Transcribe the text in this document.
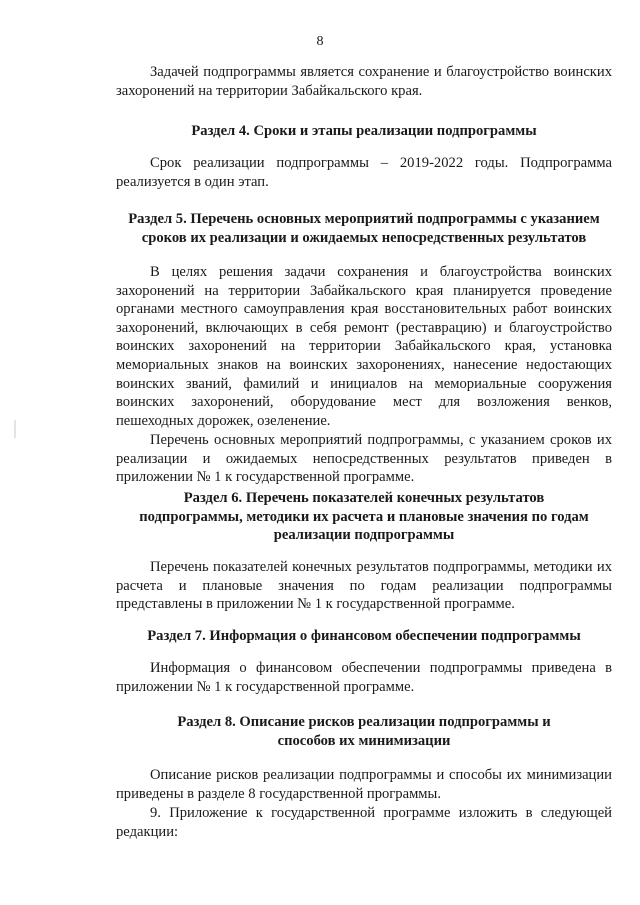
8

Задачей подпрограммы является сохранение и благоустройство воинских захоронений на территории Забайкальского края.

Раздел 4. Сроки и этапы реализации подпрограммы

Срок реализации подпрограммы – 2019-2022 годы. Подпрограмма реализуется в один этап.

Раздел 5. Перечень основных мероприятий подпрограммы с указанием
сроков их реализации и ожидаемых непосредственных результатов

В целях решения задачи сохранения и благоустройства воинских захоронений на территории Забайкальского края планируется проведение органами местного самоуправления края восстановительных работ воинских захоронений, включающих в себя ремонт (реставрацию) и благоустройство воинских захоронений на территории Забайкальского края, установка мемориальных знаков на воинских захоронениях, нанесение недостающих воинских званий, фамилий и инициалов на мемориальные сооружения воинских захоронений, оборудование мест для возложения венков, пешеходных дорожек, озеленение.

Перечень основных мероприятий подпрограммы, с указанием сроков их реализации и ожидаемых непосредственных результатов приведен в приложении № 1 к государственной программе.

Раздел 6. Перечень показателей конечных результатов
подпрограммы, методики их расчета и плановые значения по годам
реализации подпрограммы

Перечень показателей конечных результатов подпрограммы, методики их расчета и плановые значения по годам реализации подпрограммы представлены в приложении № 1 к государственной программе.

Раздел 7. Информация о финансовом обеспечении подпрограммы

Информация о финансовом обеспечении подпрограммы приведена в приложении № 1 к государственной программе.

Раздел 8. Описание рисков реализации подпрограммы и
способов их минимизации

Описание рисков реализации подпрограммы и способы их минимизации приведены в разделе 8 государственной программы.

9. Приложение к государственной программе изложить в следующей редакции:
